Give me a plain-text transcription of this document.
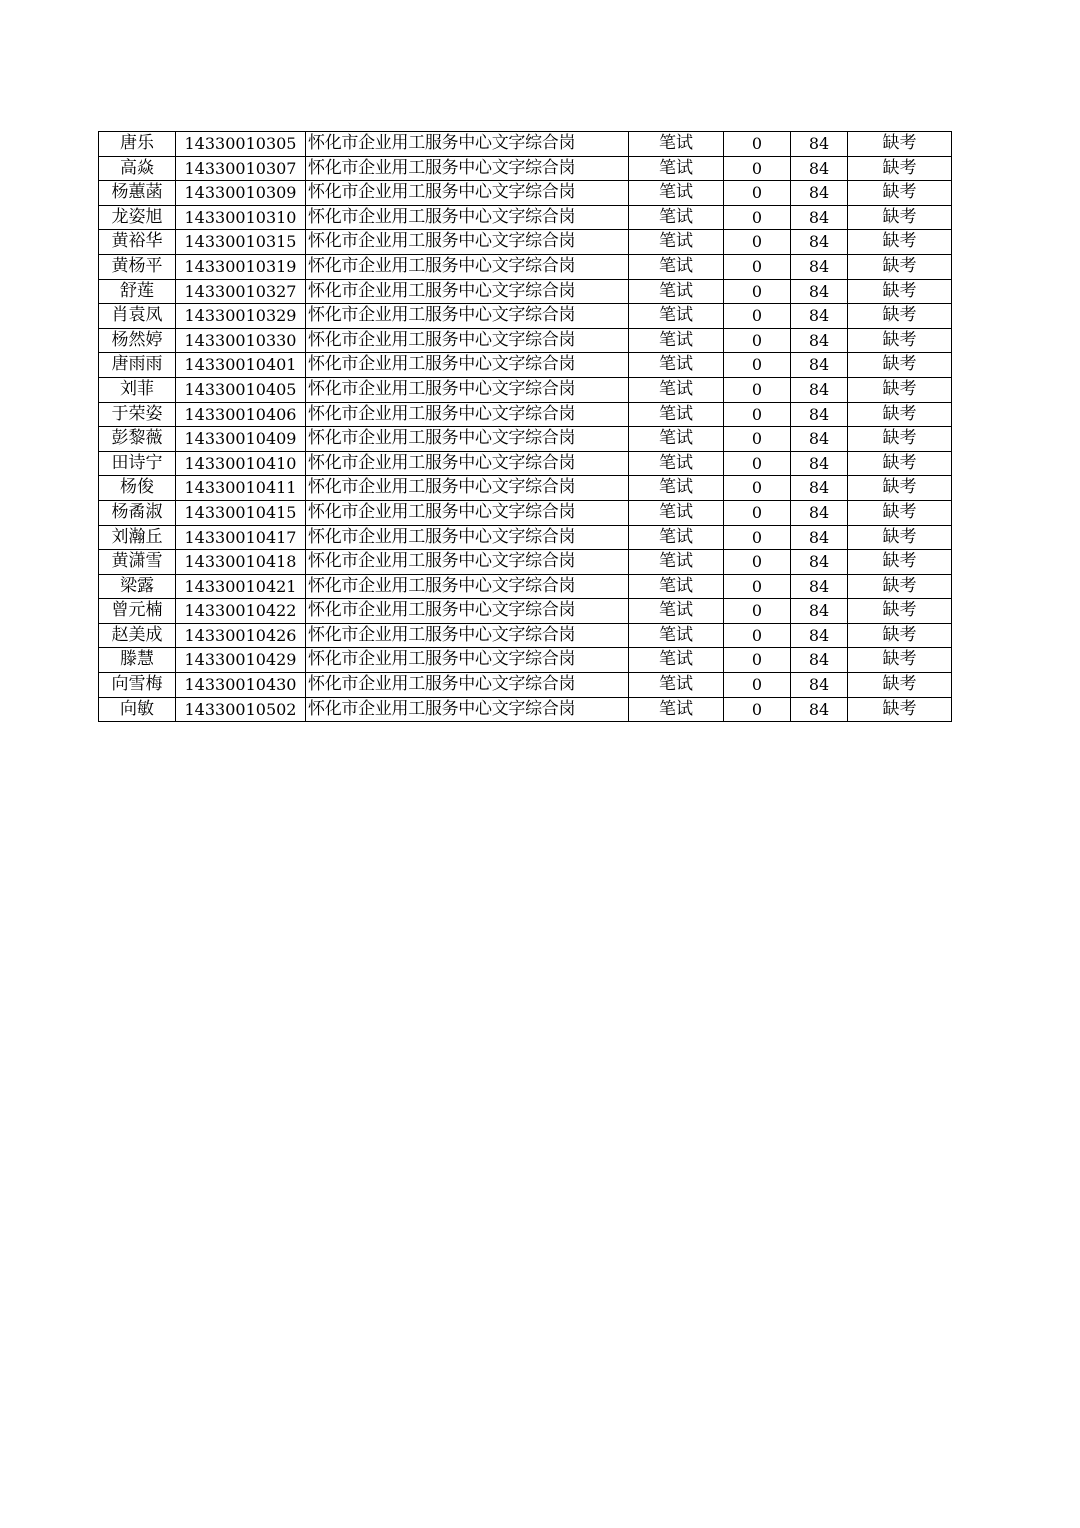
唐乐	14330010305	怀化市企业用工服务中心文字综合岗	笔试	0	84	缺考
高焱	14330010307	怀化市企业用工服务中心文字综合岗	笔试	0	84	缺考
杨蕙菡	14330010309	怀化市企业用工服务中心文字综合岗	笔试	0	84	缺考
龙姿旭	14330010310	怀化市企业用工服务中心文字综合岗	笔试	0	84	缺考
黄裕华	14330010315	怀化市企业用工服务中心文字综合岗	笔试	0	84	缺考
黄杨平	14330010319	怀化市企业用工服务中心文字综合岗	笔试	0	84	缺考
舒莲	14330010327	怀化市企业用工服务中心文字综合岗	笔试	0	84	缺考
肖袁凤	14330010329	怀化市企业用工服务中心文字综合岗	笔试	0	84	缺考
杨然婷	14330010330	怀化市企业用工服务中心文字综合岗	笔试	0	84	缺考
唐雨雨	14330010401	怀化市企业用工服务中心文字综合岗	笔试	0	84	缺考
刘菲	14330010405	怀化市企业用工服务中心文字综合岗	笔试	0	84	缺考
于荣姿	14330010406	怀化市企业用工服务中心文字综合岗	笔试	0	84	缺考
彭黎薇	14330010409	怀化市企业用工服务中心文字综合岗	笔试	0	84	缺考
田诗宁	14330010410	怀化市企业用工服务中心文字综合岗	笔试	0	84	缺考
杨俊	14330010411	怀化市企业用工服务中心文字综合岗	笔试	0	84	缺考
杨矞淑	14330010415	怀化市企业用工服务中心文字综合岗	笔试	0	84	缺考
刘瀚丘	14330010417	怀化市企业用工服务中心文字综合岗	笔试	0	84	缺考
黄潇雪	14330010418	怀化市企业用工服务中心文字综合岗	笔试	0	84	缺考
梁露	14330010421	怀化市企业用工服务中心文字综合岗	笔试	0	84	缺考
曾元楠	14330010422	怀化市企业用工服务中心文字综合岗	笔试	0	84	缺考
赵美成	14330010426	怀化市企业用工服务中心文字综合岗	笔试	0	84	缺考
滕慧	14330010429	怀化市企业用工服务中心文字综合岗	笔试	0	84	缺考
向雪梅	14330010430	怀化市企业用工服务中心文字综合岗	笔试	0	84	缺考
向敏	14330010502	怀化市企业用工服务中心文字综合岗	笔试	0	84	缺考
